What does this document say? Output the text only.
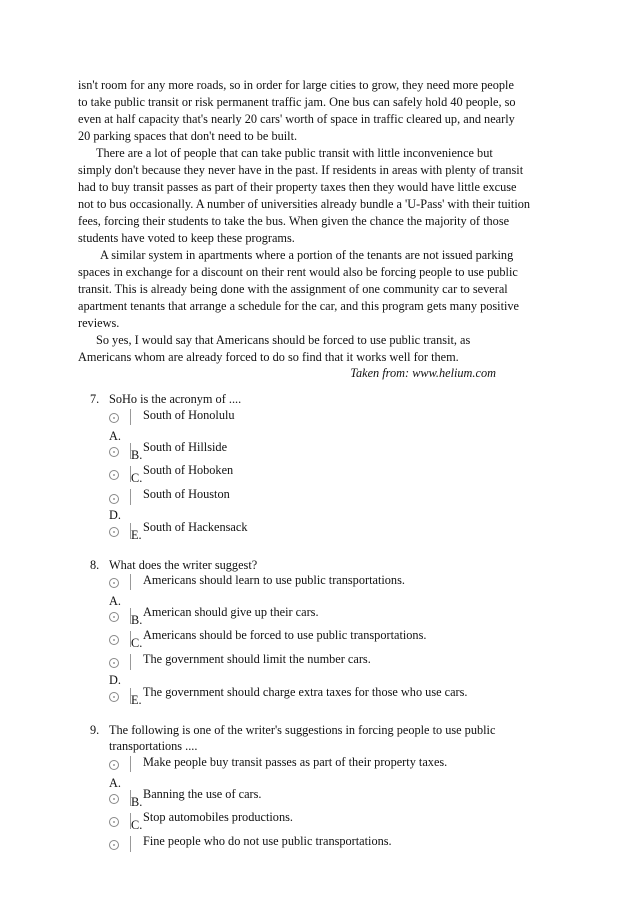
isn't room for any more roads, so in order for large cities to grow, they need more people
to take public transit or risk permanent traffic jam. One bus can safely hold 40 people, so
even at half capacity that's nearly 20 cars' worth of space in traffic cleared up, and nearly
20 parking spaces that don't need to be built.
There are a lot of people that can take public transit with little inconvenience but
simply don't because they never have in the past. If residents in areas with plenty of transit
had to buy transit passes as part of their property taxes then they would have little excuse
not to bus occasionally. A number of universities already bundle a 'U-Pass' with their tuition
fees, forcing their students to take the bus. When given the chance the majority of those
students have voted to keep these programs.
A similar system in apartments where a portion of the tenants are not issued parking
spaces in exchange for a discount on their rent would also be forcing people to use public
transit. This is already being done with the assignment of one community car to several
apartment tenants that arrange a schedule for the car, and this program gets many positive
reviews.
So yes, I would say that Americans should be forced to use public transit, as
Americans whom are already forced to do so find that it works well for them.
Taken from: www.helium.com
7. SoHo is the acronym of ....
South of Honolulu
A.
B.
South of Hillside
C.
South of Hoboken
South of Houston
D.
E.
South of Hackensack
8. What does the writer suggest?
Americans should learn to use public transportations.
A.
B.
American should give up their cars.
C.
Americans should be forced to use public transportations.
The government should limit the number cars.
D.
E.
The government should charge extra taxes for those who use cars.
9. The following is one of the writer's suggestions in forcing people to use public
transportations ....
Make people buy transit passes as part of their property taxes.
A.
B.
Banning the use of cars.
C.
Stop automobiles productions.
Fine people who do not use public transportations.
